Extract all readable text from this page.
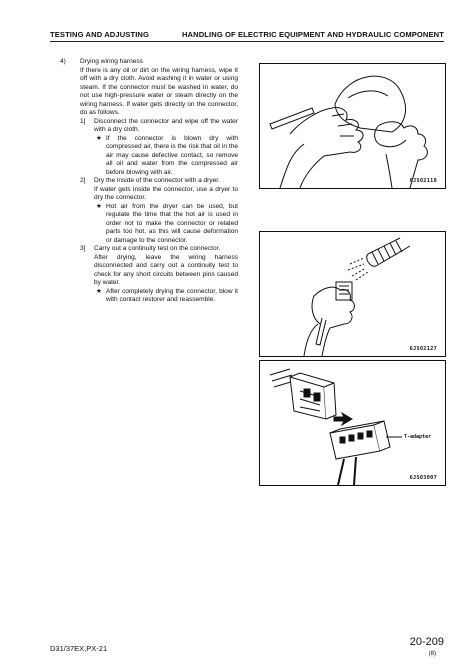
TESTING AND ADJUSTING	HANDLING OF ELECTRIC EQUIPMENT AND HYDRAULIC COMPONENT
4) Drying wiring harness

If there is any oil or dirt on the wiring harness, wipe it off with a dry cloth. Avoid washing it in water or using steam. If the connector must be washed in water, do not use high-pressure water or steam directly on the wiring harness. If water gets directly on the connector, do as follows.

1] Disconnect the connector and wipe off the water with a dry cloth.

★ If the connector is blown dry with compressed air, there is the risk that oil in the air may cause defective contact, so remove all oil and water from the compressed air before blowing with air.

2] Dry the inside of the connector with a dryer.

If water gets inside the connector, use a dryer to dry the connector.

★ Hot air from the dryer can be used, but regulate the time that the hot air is used in order not to make the connector or related parts too hot, as this will cause deformation or damage to the connector.

3] Carry out a continuity test on the connector.

After drying, leave the wiring harness disconnected and carry out a continuity test to check for any short circuits between pins caused by water.

★ After completely drying the connector, blow it with contact restorer and reassemble.

6JS02118
6JS02127
T-adapter
6JS03007
D31/37EX,PX-21
20-209
(8)
